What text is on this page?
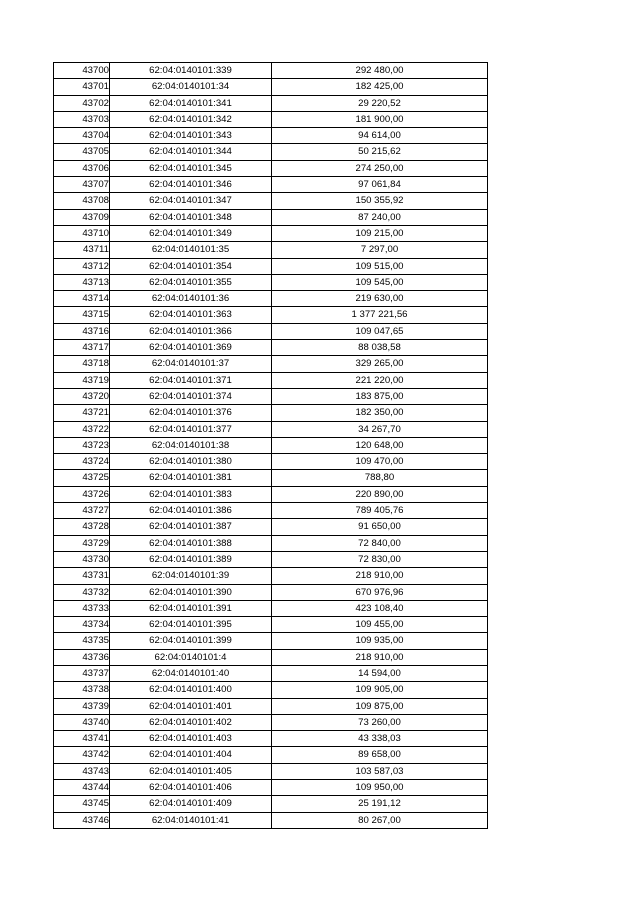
43700	62:04:0140101:339	292 480,00
43701	62:04:0140101:34	182 425,00
43702	62:04:0140101:341	29 220,52
43703	62:04:0140101:342	181 900,00
43704	62:04:0140101:343	94 614,00
43705	62:04:0140101:344	50 215,62
43706	62:04:0140101:345	274 250,00
43707	62:04:0140101:346	97 061,84
43708	62:04:0140101:347	150 355,92
43709	62:04:0140101:348	87 240,00
43710	62:04:0140101:349	109 215,00
43711	62:04:0140101:35	7 297,00
43712	62:04:0140101:354	109 515,00
43713	62:04:0140101:355	109 545,00
43714	62:04:0140101:36	219 630,00
43715	62:04:0140101:363	1 377 221,56
43716	62:04:0140101:366	109 047,65
43717	62:04:0140101:369	88 038,58
43718	62:04:0140101:37	329 265,00
43719	62:04:0140101:371	221 220,00
43720	62:04:0140101:374	183 875,00
43721	62:04:0140101:376	182 350,00
43722	62:04:0140101:377	34 267,70
43723	62:04:0140101:38	120 648,00
43724	62:04:0140101:380	109 470,00
43725	62:04:0140101:381	788,80
43726	62:04:0140101:383	220 890,00
43727	62:04:0140101:386	789 405,76
43728	62:04:0140101:387	91 650,00
43729	62:04:0140101:388	72 840,00
43730	62:04:0140101:389	72 830,00
43731	62:04:0140101:39	218 910,00
43732	62:04:0140101:390	670 976,96
43733	62:04:0140101:391	423 108,40
43734	62:04:0140101:395	109 455,00
43735	62:04:0140101:399	109 935,00
43736	62:04:0140101:4	218 910,00
43737	62:04:0140101:40	14 594,00
43738	62:04:0140101:400	109 905,00
43739	62:04:0140101:401	109 875,00
43740	62:04:0140101:402	73 260,00
43741	62:04:0140101:403	43 338,03
43742	62:04:0140101:404	89 658,00
43743	62:04:0140101:405	103 587,03
43744	62:04:0140101:406	109 950,00
43745	62:04:0140101:409	25 191,12
43746	62:04:0140101:41	80 267,00
